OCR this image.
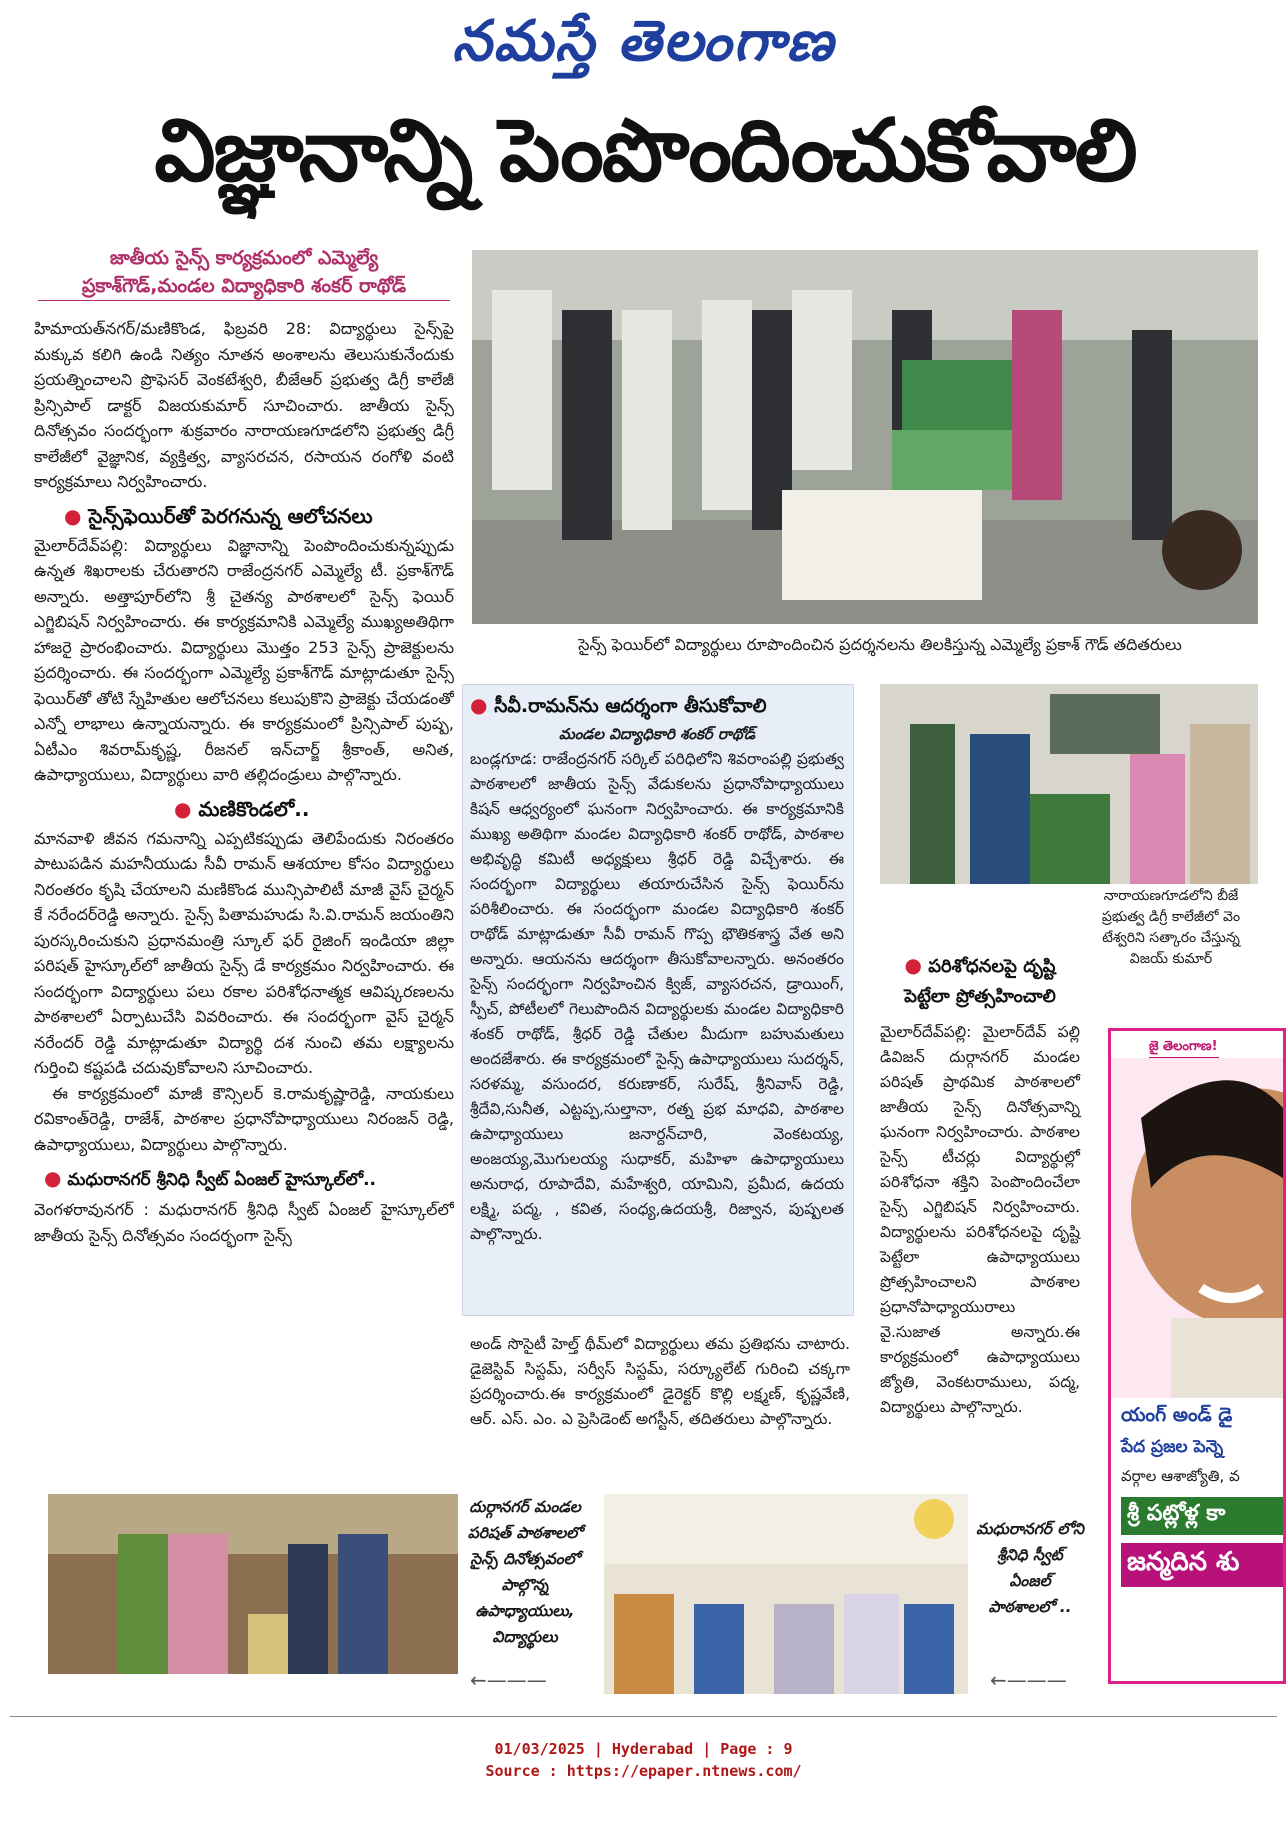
నమస్తే తెలంగాణ
విజ్ఞానాన్ని పెంపొందించుకోవాలి
జాతీయ సైన్స్ కార్యక్రమంలో ఎమ్మెల్యే
ప్రకాశ్‌గౌడ్,మండల విద్యాధికారి శంకర్ రాథోడ్
హిమాయత్‌నగర్/మణికొండ, ఫిబ్రవరి 28: విద్యార్థులు సైన్స్‌పై మక్కువ కలిగి ఉండి నిత్యం నూతన అంశాలను తెలుసుకునేందుకు ప్రయత్నించాలని ప్రొఫెసర్ వెంకటేశ్వరి, బీజేఆర్ ప్రభుత్వ డిగ్రీ కాలేజీ ప్రిన్సిపాల్ డాక్టర్ విజయకుమార్ సూచించారు. జాతీయ సైన్స్ దినోత్సవం సందర్భంగా శుక్రవారం నారాయణగూడలోని ప్రభుత్వ డిగ్రీ కాలేజీలో వైజ్ఞానిక, వ్యక్తిత్వ, వ్యాసరచన, రసాయన రంగోళి వంటి కార్యక్రమాలు నిర్వహించారు.
● సైన్స్‌ఫెయిర్‌తో పెరగనున్న ఆలోచనలు
మైలార్‌దేవ్‌పల్లి: విద్యార్థులు విజ్ఞానాన్ని పెంపొందించుకున్నప్పుడు ఉన్నత శిఖరాలకు చేరుతారని రాజేంద్రనగర్ ఎమ్మెల్యే టీ. ప్రకాశ్‌గౌడ్ అన్నారు. అత్తాపూర్‌లోని శ్రీ చైతన్య పాఠశాలలో సైన్స్ ఫెయిర్ ఎగ్జిబిషన్ నిర్వహించారు. ఈ కార్యక్రమానికి ఎమ్మెల్యే ముఖ్యఅతిథిగా హాజరై ప్రారంభించారు. విద్యార్థులు మొత్తం 253 సైన్స్ ప్రాజెక్టులను ప్రదర్శించారు. ఈ సందర్భంగా ఎమ్మెల్యే ప్రకాశ్‌గౌడ్ మాట్లాడుతూ సైన్స్ ఫెయిర్‌తో తోటి స్నేహితుల ఆలోచనలు కలుపుకొని ప్రాజెక్టు చేయడంతో ఎన్నో లాభాలు ఉన్నాయన్నారు. ఈ కార్యక్రమంలో ప్రిన్సిపాల్ పుష్ప, ఏటీఎం శివరామ్‌కృష్ణ, రీజనల్ ఇన్‌చార్జ్ శ్రీకాంత్, అనిత, ఉపాధ్యాయులు, విద్యార్థులు వారి తల్లిదండ్రులు పాల్గొన్నారు.
● మణికొండలో..
మానవాళి జీవన గమనాన్ని ఎప్పటికప్పుడు తెలిపేందుకు నిరంతరం పాటుపడిన మహనీయుడు సీవీ రామన్ ఆశయాల కోసం విద్యార్థులు నిరంతరం కృషి చేయాలని మణికొండ మున్సిపాలిటీ మాజీ వైస్ చైర్మన్ కే నరేందర్‌రెడ్డి అన్నారు. సైన్స్ పితామహుడు సి.వి.రామన్ జయంతిని పురస్కరించుకుని ప్రధానమంత్రి స్కూల్ ఫర్ రైజింగ్ ఇండియా జిల్లా పరిషత్ హైస్కూల్‌లో జాతీయ సైన్స్ డే కార్యక్రమం నిర్వహించారు. ఈ సందర్భంగా విద్యార్థులు పలు రకాల పరిశోధనాత్మక ఆవిష్కరణలను పాఠశాలలో ఏర్పాటుచేసి వివరించారు. ఈ సందర్భంగా వైస్ చైర్మన్ నరేందర్ రెడ్డి మాట్లాడుతూ విద్యార్థి దశ నుంచి తమ లక్ష్యాలను గుర్తించి కష్టపడి చదువుకోవాలని సూచించారు.
ఈ కార్యక్రమంలో మాజీ కౌన్సిలర్ కె.రామకృష్ణారెడ్డి, నాయకులు రవికాంత్‌రెడ్డి, రాజేశ్, పాఠశాల ప్రధానోపాధ్యాయులు నిరంజన్ రెడ్డి, ఉపాధ్యాయులు, విద్యార్థులు పాల్గొన్నారు.
● మధురానగర్ శ్రీనిధి స్వీట్ ఏంజల్ హైస్కూల్‌లో..
వెంగళరావునగర్ : మధురానగర్ శ్రీనిధి స్వీట్ ఏంజల్ హైస్కూల్‌లో జాతీయ సైన్స్ దినోత్సవం సందర్భంగా సైన్స్
సైన్స్ ఫెయిర్‌లో విద్యార్థులు రూపొందించిన ప్రదర్శనలను తిలకిస్తున్న ఎమ్మెల్యే ప్రకాశ్ గౌడ్ తదితరులు
● సీవీ.రామన్‌ను ఆదర్శంగా తీసుకోవాలి
మండల విద్యాధికారి శంకర్ రాథోడ్
బండ్లగూడ: రాజేంద్రనగర్ సర్కిల్ పరిధిలోని శివరాంపల్లి ప్రభుత్వ పాఠశాలలో జాతీయ సైన్స్ వేడుకలను ప్రధానోపాధ్యాయులు కిషన్ ఆధ్వర్యంలో ఘనంగా నిర్వహించారు. ఈ కార్యక్రమానికి ముఖ్య అతిథిగా మండల విద్యాధికారి శంకర్ రాథోడ్, పాఠశాల అభివృద్ధి కమిటీ అధ్యక్షులు శ్రీధర్ రెడ్డి విచ్చేశారు. ఈ సందర్భంగా విద్యార్థులు తయారుచేసిన సైన్స్ ఫెయిర్‌ను పరిశీలించారు. ఈ సందర్భంగా మండల విద్యాధికారి శంకర్ రాథోడ్ మాట్లాడుతూ సీవీ రామన్ గొప్ప భౌతికశాస్త్ర వేత అని అన్నారు. ఆయనను ఆదర్శంగా తీసుకోవాలన్నారు. అనంతరం సైన్స్ సందర్భంగా నిర్వహించిన క్విజ్, వ్యాసరచన, డ్రాయింగ్, స్పీచ్, పోటీలలో గెలుపొందిన విద్యార్థులకు మండల విద్యాధికారి శంకర్ రాథోడ్, శ్రీధర్ రెడ్డి చేతుల మీదుగా బహుమతులు అందజేశారు. ఈ కార్యక్రమంలో సైన్స్ ఉపాధ్యాయులు సుదర్శన్, సరళమ్మ, వసుందర, కరుణాకర్, సురేష్, శ్రీనివాస్ రెడ్డి, శ్రీదేవి,సునీత, ఎట్టప్ప,సుల్తానా, రత్న ప్రభ మాధవి, పాఠశాల ఉపాధ్యాయులు జనార్దన్‌చారి, వెంకటయ్య, అంజయ్య,మొగులయ్య సుధాకర్, మహిళా ఉపాధ్యాయులు అనురాధ, రూపాదేవి, మహేశ్వరి, యామిని, ప్రమీద, ఉదయ లక్ష్మి, పద్మ, , కవిత, సంధ్య,ఉదయశ్రీ, రిజ్వాన, పుష్పలత పాల్గొన్నారు.
అండ్ సొసైటీ హెల్త్ థీమ్‌లో విద్యార్థులు తమ ప్రతిభను చాటారు. డైజెస్టివ్ సిస్టమ్, సర్వీస్ సిస్టమ్, సర్క్యూలేట్ గురించి చక్కగా ప్రదర్శించారు.ఈ కార్యక్రమంలో డైరెక్టర్ కొల్లి లక్ష్మణ్, కృష్ణవేణి, ఆర్. ఎస్. ఎం. ఎ ప్రెసిడెంట్ అగస్టీన్, తదితరులు పాల్గొన్నారు.
నారాయణగూడలోని బీజే ప్రభుత్వ డిగ్రీ కాలేజీలో వెం టేశ్వరిని సత్కారం చేస్తున్న విజయ్ కుమార్
● పరిశోధనలపై దృష్టి
పెట్టేలా ప్రోత్సహించాలి
మైలార్‌దేవ్‌పల్లి: మైలార్‌దేవ్ పల్లి డివిజన్ దుర్గానగర్ మండల పరిషత్ ప్రాథమిక పాఠశాలలో జాతీయ సైన్స్ దినోత్సవాన్ని ఘనంగా నిర్వహించారు. పాఠశాల సైన్స్ టీచర్లు విద్యార్థుల్లో పరిశోధనా శక్తిని పెంపొందించేలా సైన్స్ ఎగ్జిబిషన్ నిర్వహించారు. విద్యార్థులను పరిశోధనలపై దృష్టి పెట్టేలా ఉపాధ్యాయులు ప్రోత్సహించాలని పాఠశాల ప్రధానోపాధ్యాయురాలు వై.సుజాత అన్నారు.ఈ కార్యక్రమంలో ఉపాధ్యాయులు జ్యోతి, వెంకటరాములు, పద్మ, విద్యార్థులు పాల్గొన్నారు.
జై తెలంగాణ!
యంగ్ అండ్ డై
పేద ప్రజల పెన్నె
వర్గాల ఆశాజ్యోతి, వ
శ్రీ పట్లోళ్ల కా
జన్మదిన శు
దుర్గానగర్ మండల పరిషత్ పాఠశాలలో సైన్స్ దినోత్సవంలో పాల్గొన్న ఉపాధ్యాయులు, విద్యార్థులు
←———
మధురానగర్ లోని శ్రీనిధి స్వీట్ ఏంజల్ పాఠశాలలో ..
←———
01/03/2025 | Hyderabad | Page : 9
Source : https://epaper.ntnews.com/
